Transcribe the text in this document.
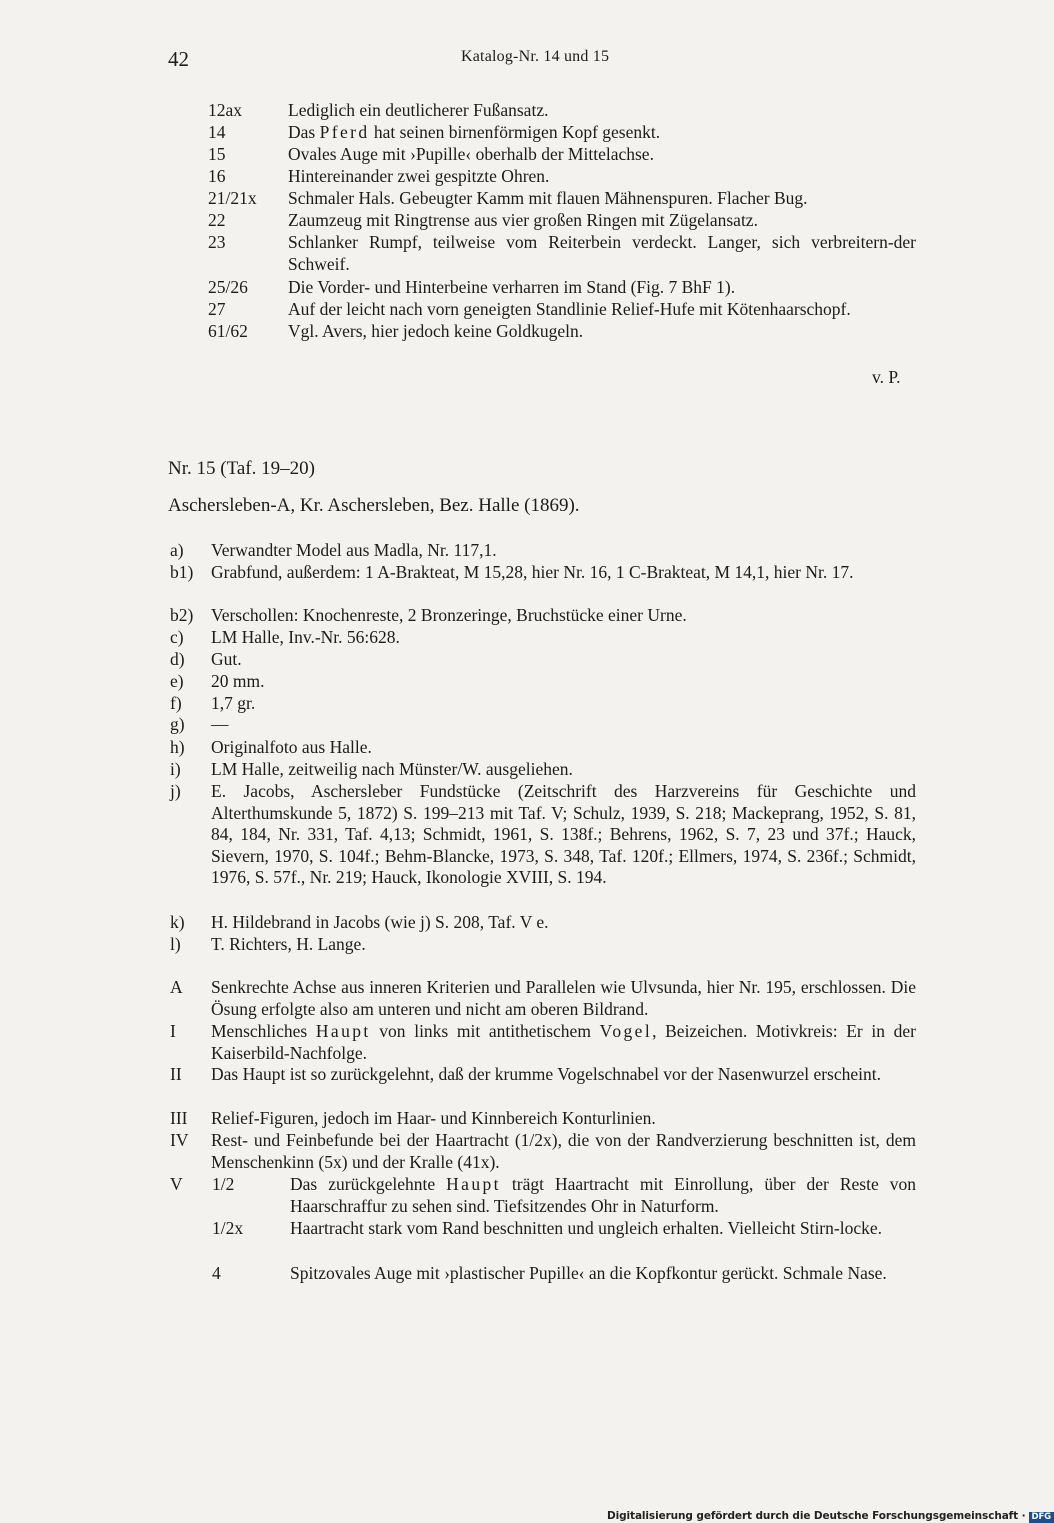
42	Katalog-Nr. 14 und 15
12ax	Lediglich ein deutlicherer Fußansatz.
14	Das Pferd hat seinen birnenförmigen Kopf gesenkt.
15	Ovales Auge mit ›Pupille‹ oberhalb der Mittelachse.
16	Hintereinander zwei gespitzte Ohren.
21/21x Schmaler Hals. Gebeugter Kamm mit flauen Mähnenspuren. Flacher Bug.
22	Zaumzeug mit Ringtrense aus vier großen Ringen mit Zügelansatz.
23	Schlanker Rumpf, teilweise vom Reiterbein verdeckt. Langer, sich verbreitern-der Schweif.
25/26 Die Vorder- und Hinterbeine verharren im Stand (Fig. 7 BhF 1).
27	Auf der leicht nach vorn geneigten Standlinie Relief-Hufe mit Kötenhaarschopf.
61/62 Vgl. Avers, hier jedoch keine Goldkugeln.
v. P.
Nr. 15 (Taf. 19–20)
Aschersleben-A, Kr. Aschersleben, Bez. Halle (1869).
a) Verwandter Model aus Madla, Nr. 117,1.
b1) Grabfund, außerdem: 1 A-Brakteat, M 15,28, hier Nr. 16, 1 C-Brakteat, M 14,1, hier Nr. 17.
b2) Verschollen: Knochenreste, 2 Bronzeringe, Bruchstücke einer Urne.
c) LM Halle, Inv.-Nr. 56:628.
d) Gut.
e) 20 mm.
f) 1,7 gr.
g) —
h) Originalfoto aus Halle.
i) LM Halle, zeitweilig nach Münster/W. ausgeliehen.
j) E. Jacobs, Aschersleber Fundstücke (Zeitschrift des Harzvereins für Geschichte und Alterthumskunde 5, 1872) S. 199–213 mit Taf. V; Schulz, 1939, S. 218; Mackeprang, 1952, S. 81, 84, 184, Nr. 331, Taf. 4,13; Schmidt, 1961, S. 138f.; Behrens, 1962, S. 7, 23 und 37f.; Hauck, Sievern, 1970, S. 104f.; Behm-Blancke, 1973, S. 348, Taf. 120f.; Ellmers, 1974, S. 236f.; Schmidt, 1976, S. 57f., Nr. 219; Hauck, Ikonologie XVIII, S. 194.
k) H. Hildebrand in Jacobs (wie j) S. 208, Taf. V e.
l) T. Richters, H. Lange.
A Senkrechte Achse aus inneren Kriterien und Parallelen wie Ulvsunda, hier Nr. 195, erschlossen. Die Ösung erfolgte also am unteren und nicht am oberen Bildrand.
I Menschliches Haupt von links mit antithetischem Vogel, Beizeichen. Motivkreis: Er in der Kaiserbild-Nachfolge.
II Das Haupt ist so zurückgelehnt, daß der krumme Vogelschnabel vor der Nasenwurzel erscheint.
III Relief-Figuren, jedoch im Haar- und Kinnbereich Konturlinien.
IV Rest- und Feinbefunde bei der Haartracht (1/2x), die von der Randverzierung beschnitten ist, dem Menschenkinn (5x) und der Kralle (41x).
V 1/2	Das zurückgelehnte Haupt trägt Haartracht mit Einrollung, über der Reste von Haarschraffur zu sehen sind. Tiefsitzendes Ohr in Naturform.
1/2x	Haartracht stark vom Rand beschnitten und ungleich erhalten. Vielleicht Stirn-locke.
4	Spitzovales Auge mit ›plastischer Pupille‹ an die Kopfkontur gerückt. Schmale Nase.
Digitalisierung gefördert durch die Deutsche Forschungsgemeinschaft · DFG
